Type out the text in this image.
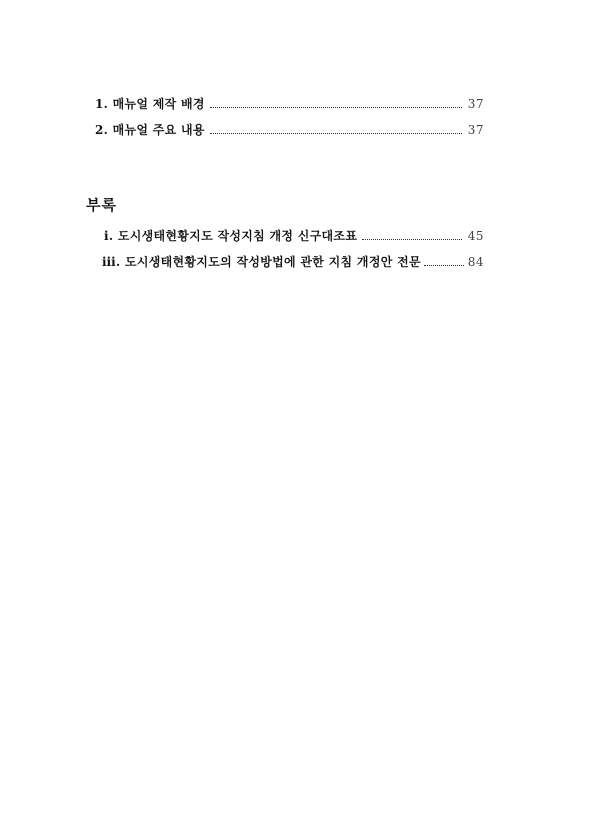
1. 매뉴얼 제작 배경	37
2. 매뉴얼 주요 내용	37
부록
ⅰ. 도시생태현황지도 작성지침 개정 신구대조표	45
ⅲ. 도시생태현황지도의 작성방법에 관한 지침 개정안 전문	84
